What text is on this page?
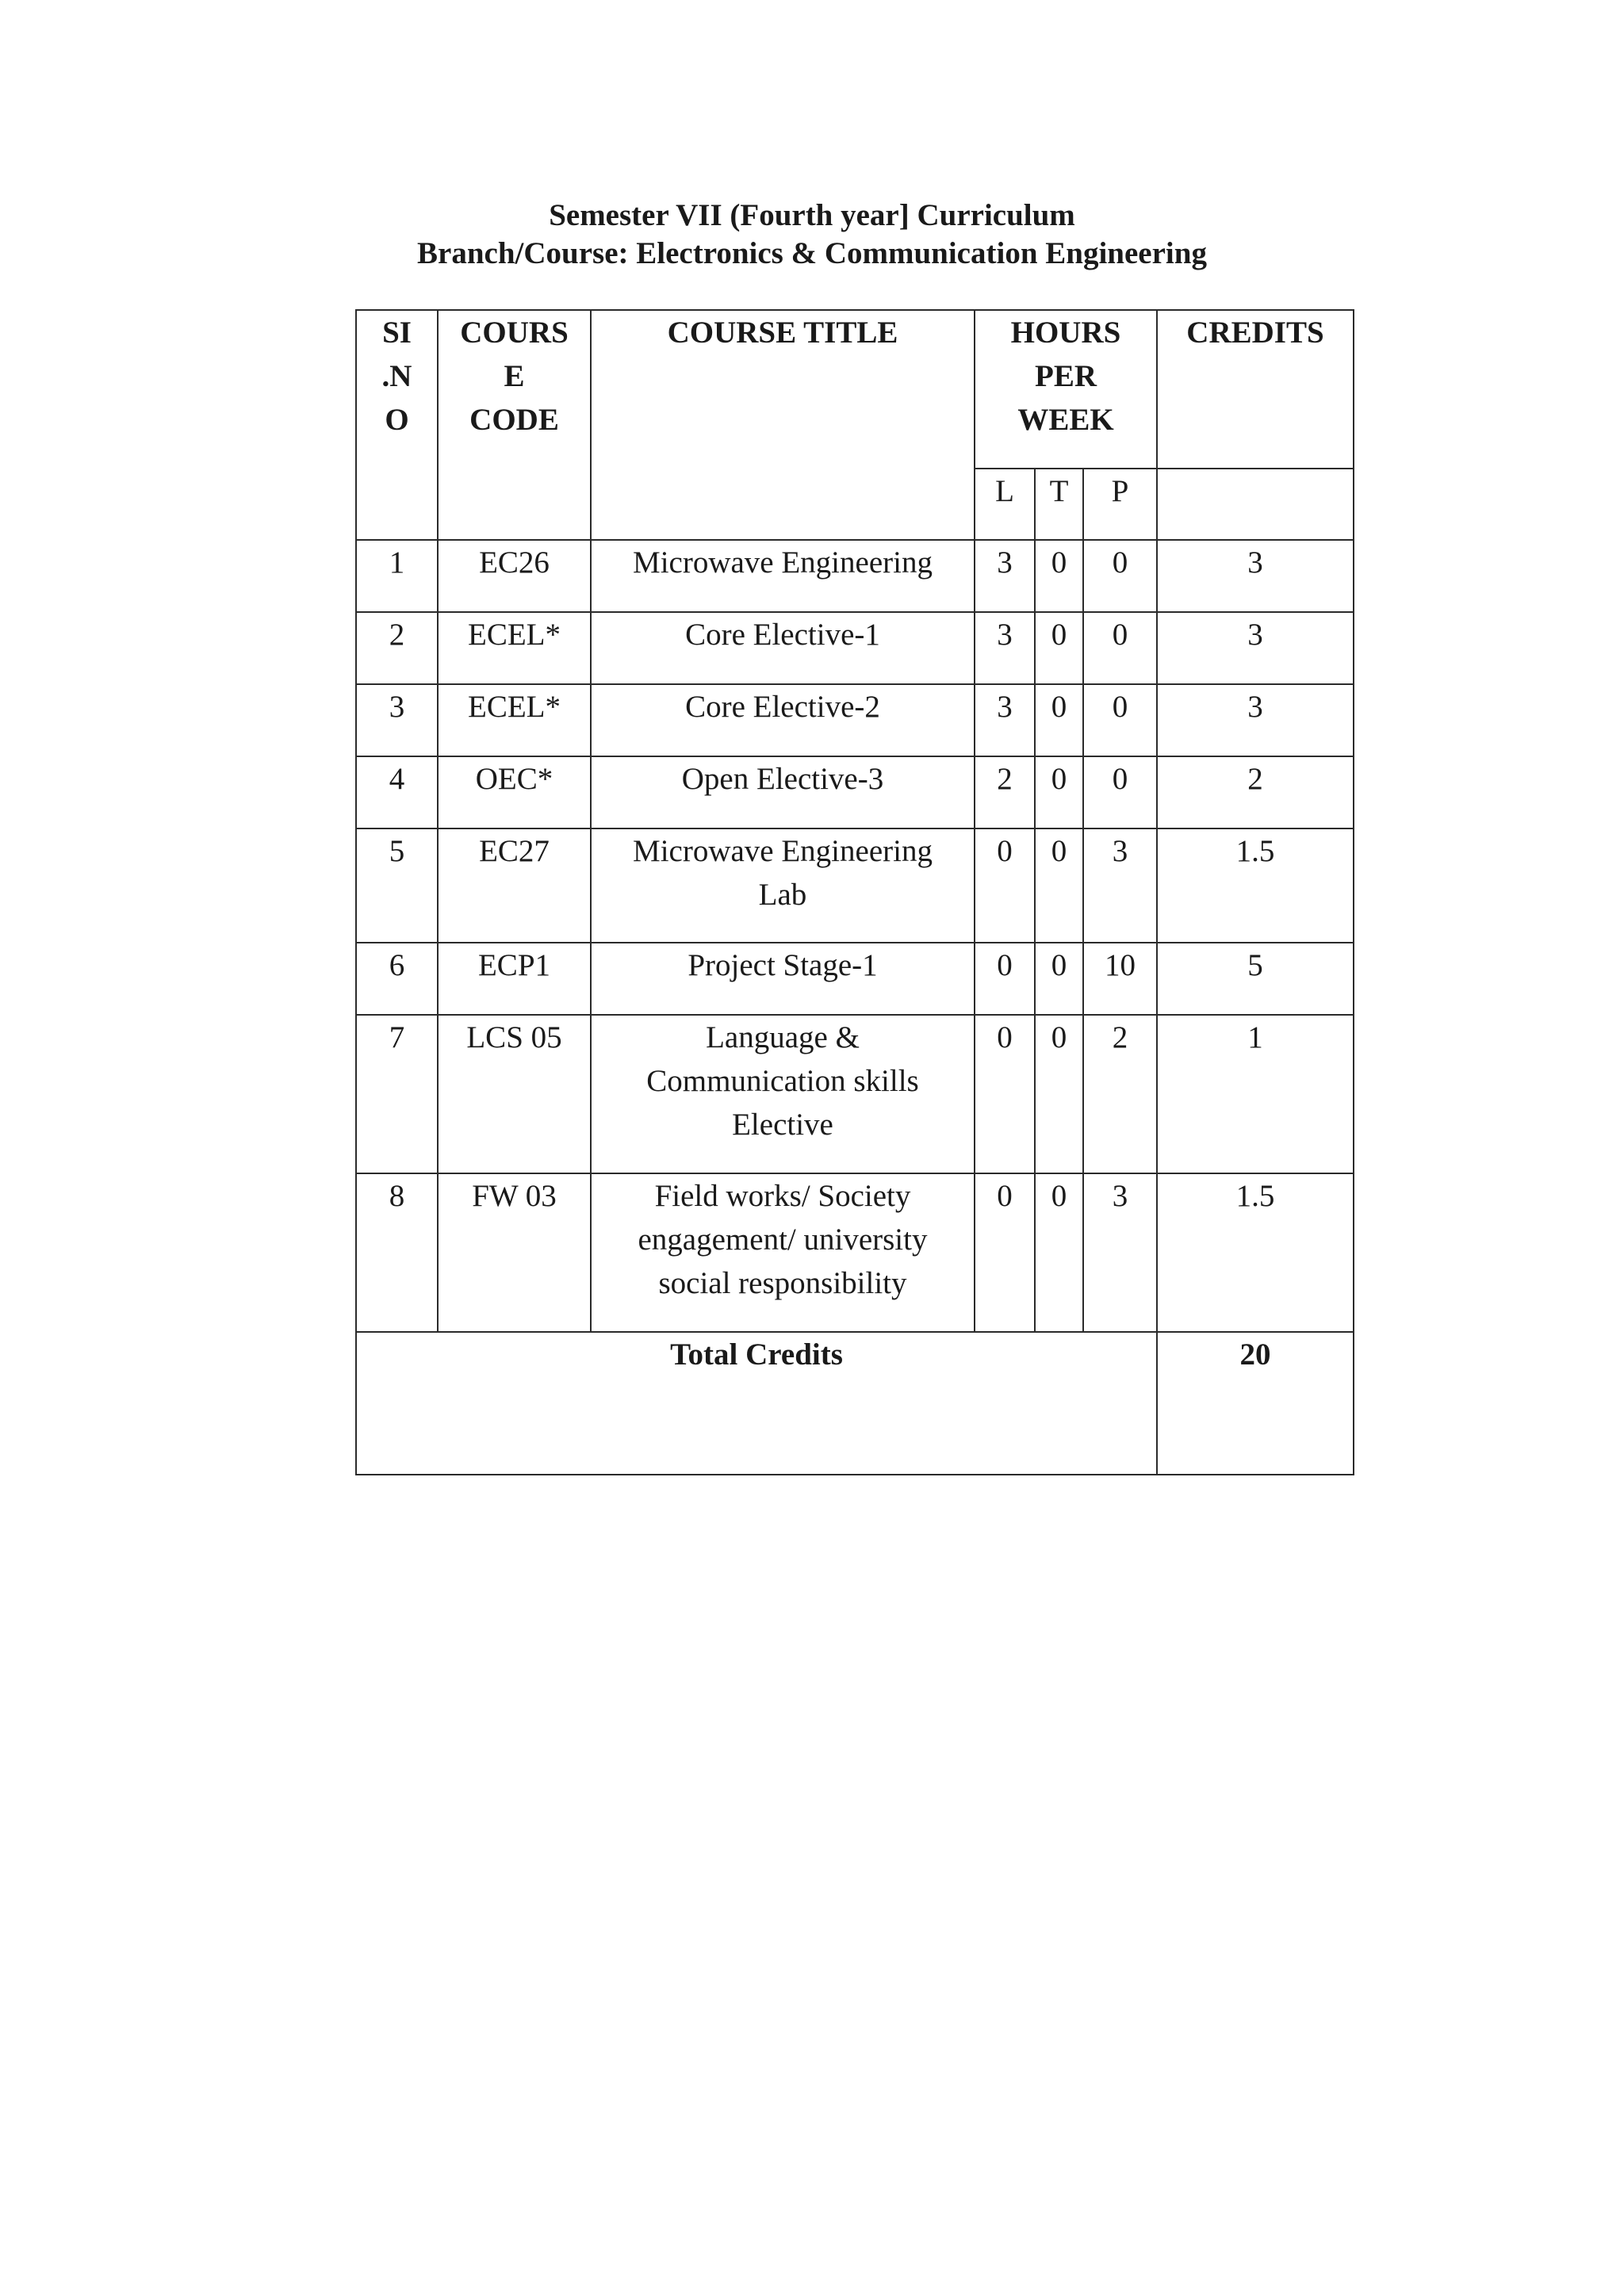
Semester VII (Fourth year] Curriculum
Branch/Course: Electronics & Communication Engineering
SI
.N
O	COURS
E
CODE	COURSE TITLE	HOURS
PER
WEEK			CREDITS

			L	T	P	

1	EC26	Microwave Engineering	3	0	0	3

2	ECEL*	Core Elective-1	3	0	0	3

3	ECEL*	Core Elective-2	3	0	0	3

4	OEC*	Open Elective-3	2	0	0	2

5	EC27	Microwave Engineering
Lab	0	0	3	1.5

6	ECP1	Project Stage-1	0	0	10	5

7	LCS 05	Language &
Communication skills
Elective	0	0	2	1

8	FW 03	Field works/ Society
engagement/ university
social responsibility	0	0	3	1.5

Total Credits						20
